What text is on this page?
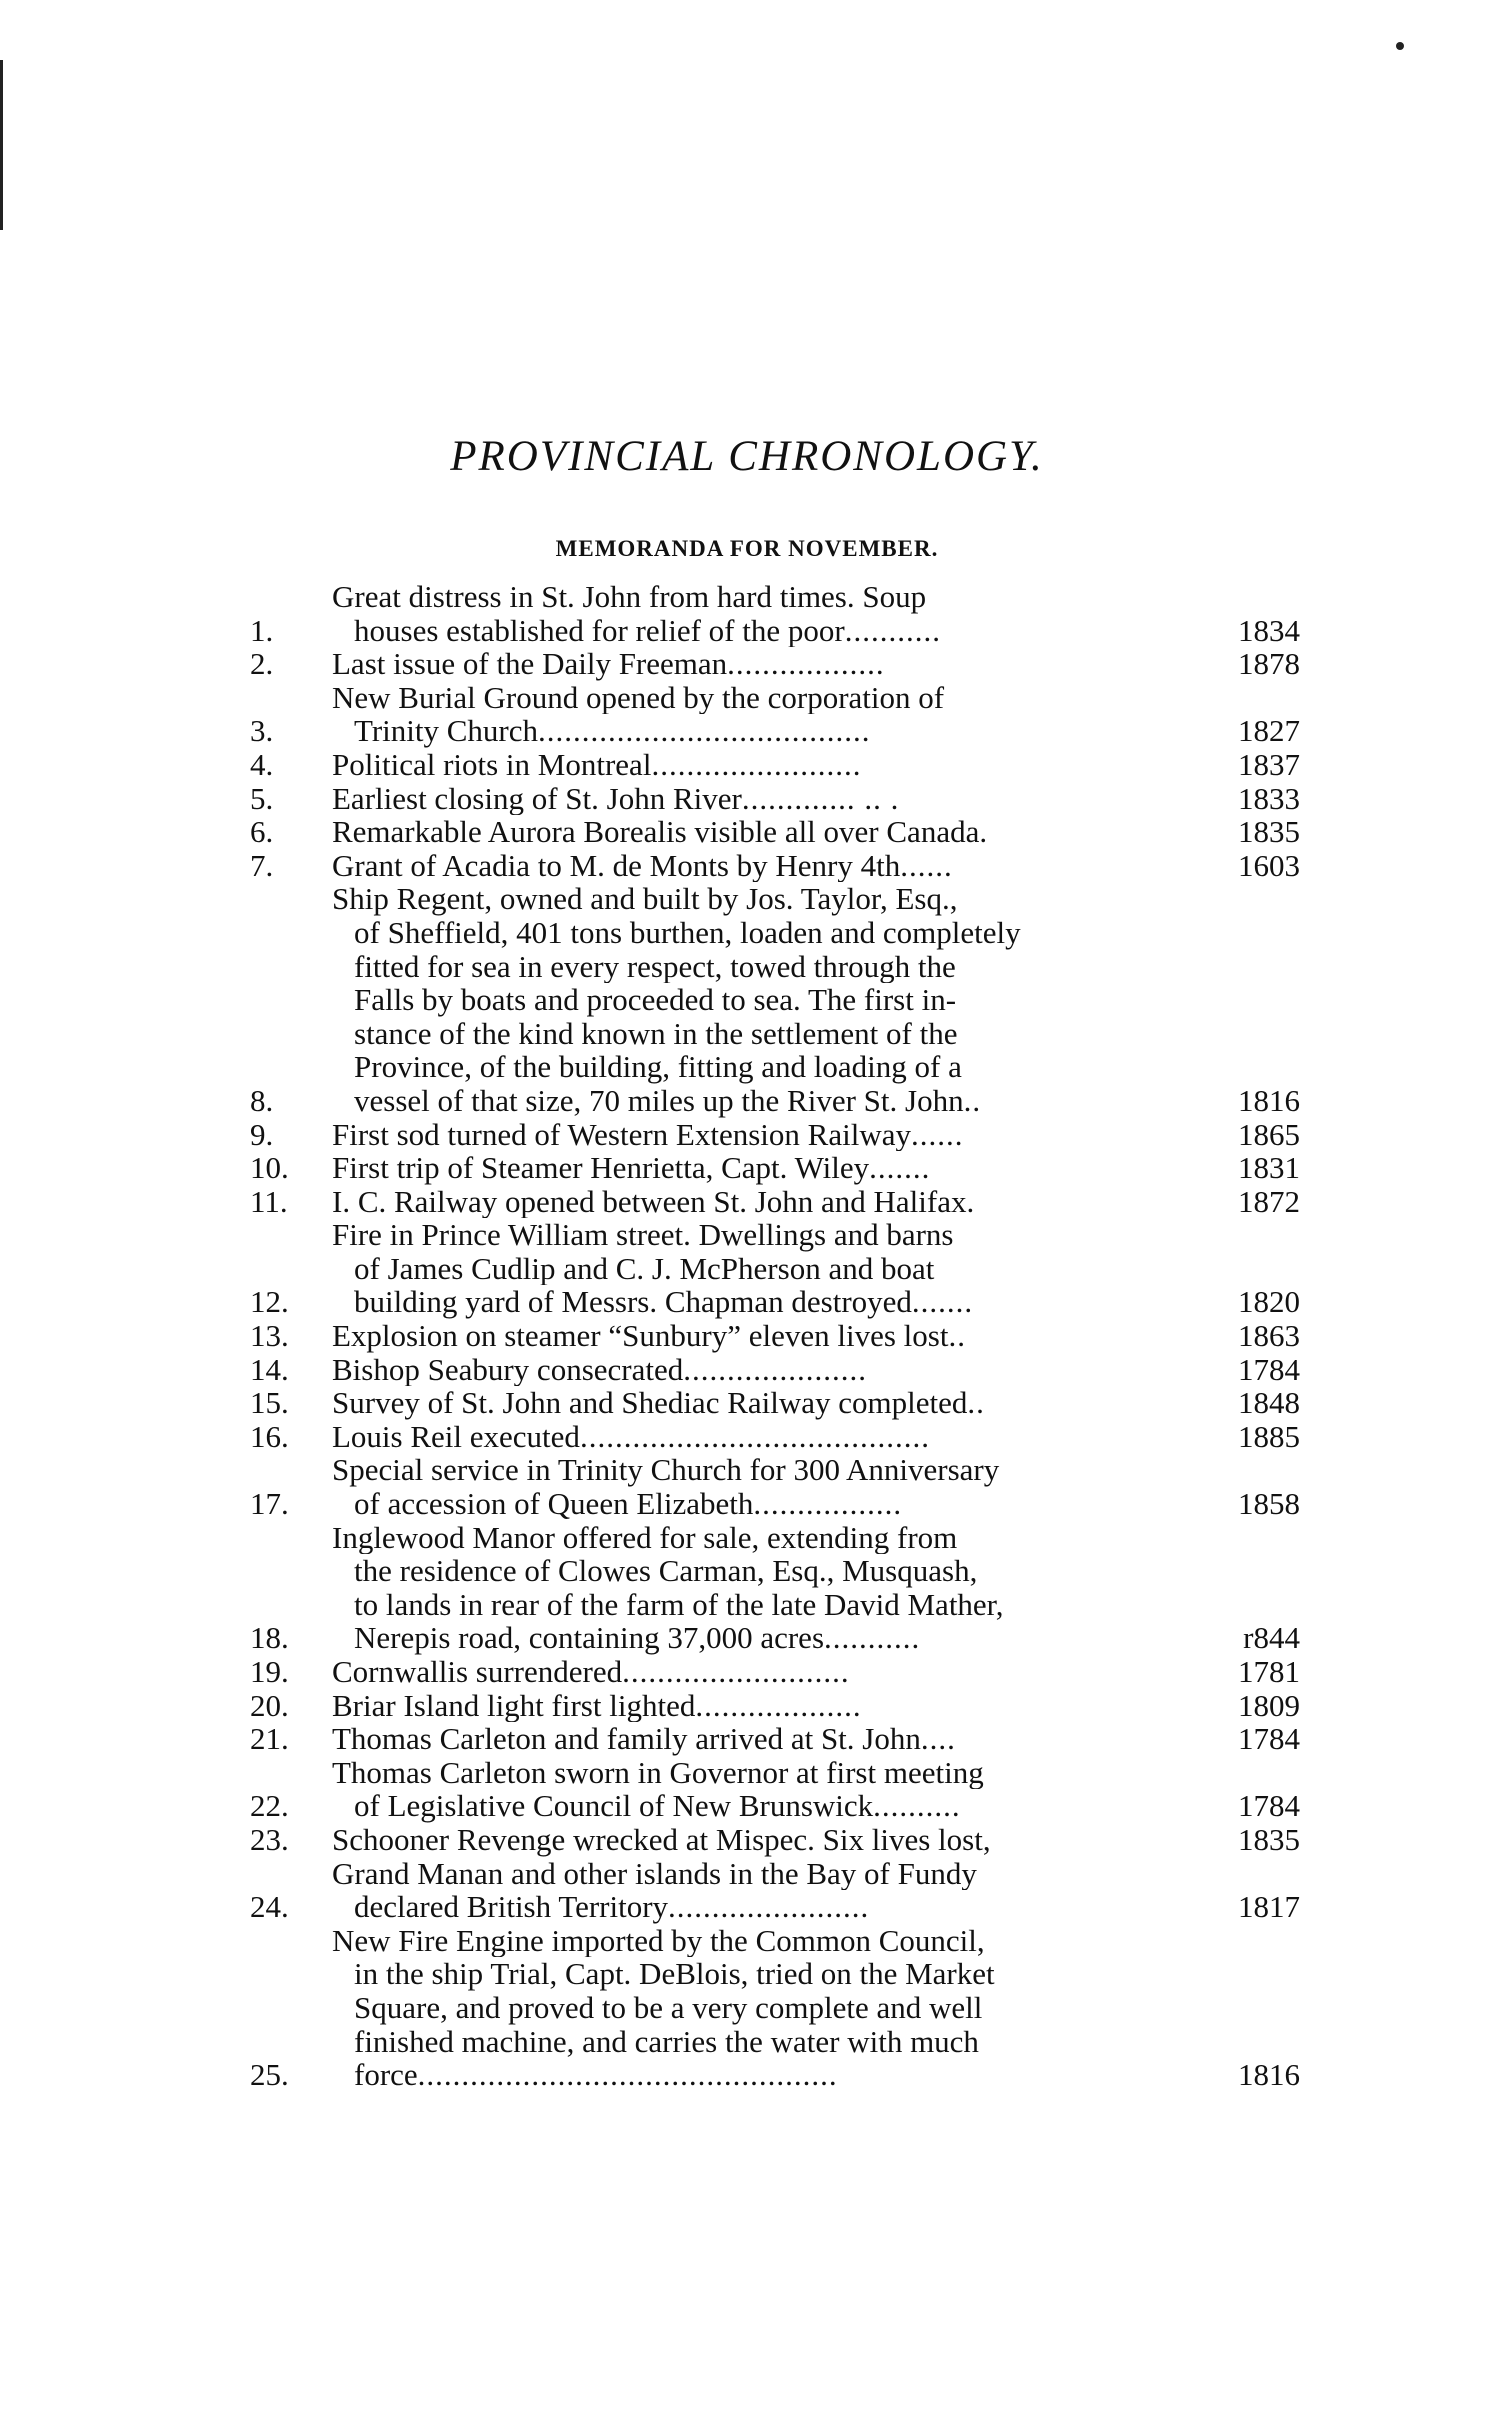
PROVINCIAL CHRONOLOGY.
MEMORANDA FOR NOVEMBER.
1.
Great distress in St. John from hard times. Soup
houses established for relief of the poor...........	1834
2.	Last issue of the Daily Freeman..................	1878
3.
New Burial Ground opened by the corporation of
Trinity Church......................................	1827
4.	Political riots in Montreal........................	1837
5.	Earliest closing of St. John River............. .. .	1833
6.	Remarkable Aurora Borealis visible all over Canada.	1835
7.	Grant of Acadia to M. de Monts by Henry 4th......	1603
8.
Ship Regent, owned and built by Jos. Taylor, Esq.,
of Sheffield, 401 tons burthen, loaden and completely
fitted for sea in every respect, towed through the
Falls by boats and proceeded to sea. The first in-
stance of the kind known in the settlement of the
Province, of the building, fitting and loading of a
vessel of that size, 70 miles up the River St. John..	1816
9.	First sod turned of Western Extension Railway......	1865
10.	First trip of Steamer Henrietta, Capt. Wiley.......	1831
11.	I. C. Railway opened between St. John and Halifax.	1872
12.
Fire in Prince William street. Dwellings and barns
of James Cudlip and C. J. McPherson and boat
building yard of Messrs. Chapman destroyed.......	1820
13.	Explosion on steamer “Sunbury” eleven lives lost..	1863
14.	Bishop Seabury consecrated.....................	1784
15.	Survey of St. John and Shediac Railway completed..	1848
16.	Louis Reil executed........................................	1885
17.
Special service in Trinity Church for 300 Anniversary
of accession of Queen Elizabeth.................	1858
18.
Inglewood Manor offered for sale, extending from
the residence of Clowes Carman, Esq., Musquash,
to lands in rear of the farm of the late David Mather,
Nerepis road, containing 37,000 acres...........	r844
19.	Cornwallis surrendered..........................	1781
20.	Briar Island light first lighted...................	1809
21.	Thomas Carleton and family arrived at St. John....	1784
22.
Thomas Carleton sworn in Governor at first meeting
of Legislative Council of New Brunswick..........	1784
23.	Schooner Revenge wrecked at Mispec. Six lives lost,	1835
24.
Grand Manan and other islands in the Bay of Fundy
declared British Territory.......................	1817
25.
New Fire Engine imported by the Common Council,
in the ship Trial, Capt. DeBlois, tried on the Market
Square, and proved to be a very complete and well
finished machine, and carries the water with much
force................................................	1816
